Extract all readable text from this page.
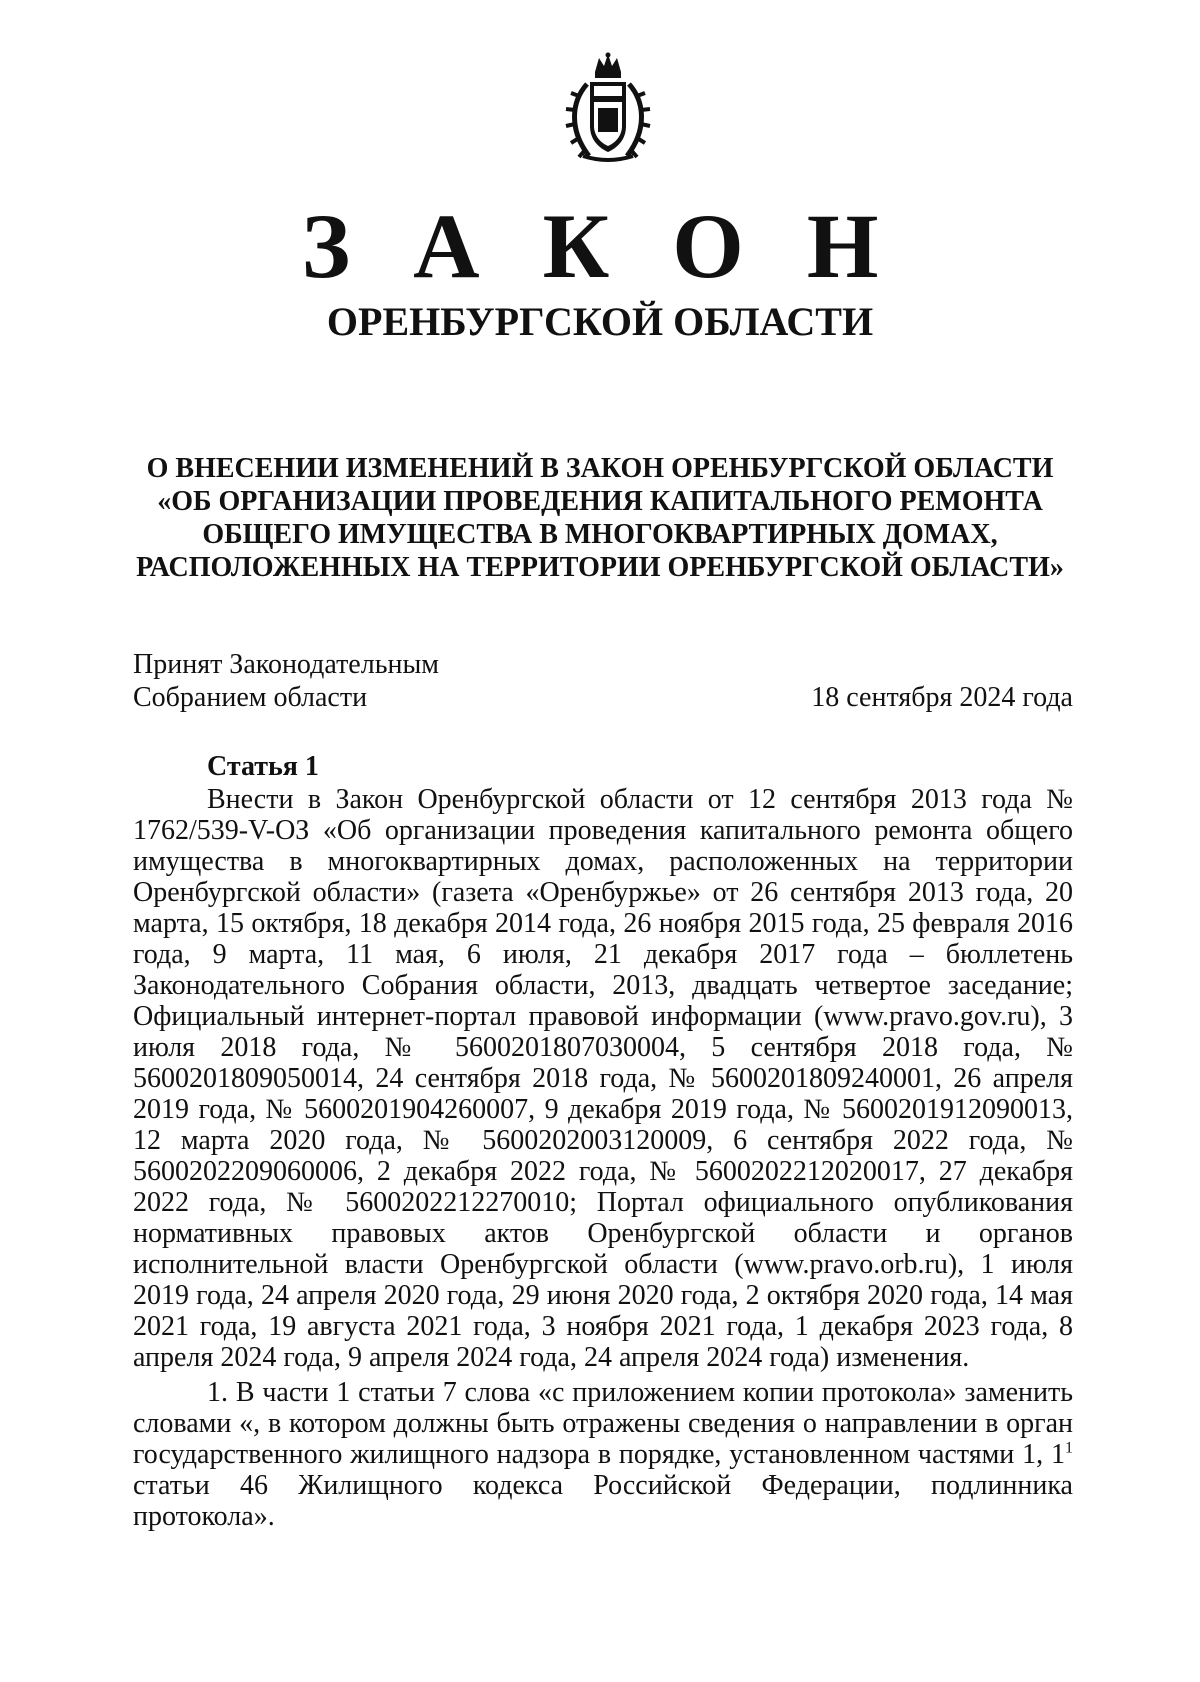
З А К О Н
ОРЕНБУРГСКОЙ ОБЛАСТИ
О ВНЕСЕНИИ ИЗМЕНЕНИЙ В ЗАКОН ОРЕНБУРГСКОЙ ОБЛАСТИ
«ОБ ОРГАНИЗАЦИИ ПРОВЕДЕНИЯ КАПИТАЛЬНОГО РЕМОНТА
ОБЩЕГО ИМУЩЕСТВА В МНОГОКВАРТИРНЫХ ДОМАХ,
РАСПОЛОЖЕННЫХ НА ТЕРРИТОРИИ ОРЕНБУРГСКОЙ ОБЛАСТИ»
Принят Законодательным
Собранием области	18 сентября 2024 года
Статья 1

Внести в Закон Оренбургской области от 12 сентября 2013 года № 1762/539-V-ОЗ «Об организации проведения капитального ремонта общего имущества в многоквартирных домах, расположенных на территории Оренбургской области» (газета «Оренбуржье» от 26 сентября 2013 года, 20 марта, 15 октября, 18 декабря 2014 года, 26 ноября 2015 года, 25 февраля 2016 года, 9 марта, 11 мая, 6 июля, 21 декабря 2017 года – бюллетень Законодательного Собрания области, 2013, двадцать четвертое заседание; Официальный интернет-портал правовой информации (www.pravo.gov.ru), 3 июля 2018 года, № 5600201807030004, 5 сентября 2018 года, № 5600201809050014, 24 сентября 2018 года, № 5600201809240001, 26 апреля 2019 года, № 5600201904260007, 9 декабря 2019 года, № 5600201912090013, 12 марта 2020 года, № 5600202003120009, 6 сентября 2022 года, № 5600202209060006, 2 декабря 2022 года, № 5600202212020017, 27 декабря 2022 года, № 5600202212270010; Портал официального опубликования нормативных правовых актов Оренбургской области и органов исполнительной власти Оренбургской области (www.pravo.orb.ru), 1 июля 2019 года, 24 апреля 2020 года, 29 июня 2020 года, 2 октября 2020 года, 14 мая 2021 года, 19 августа 2021 года, 3 ноября 2021 года, 1 декабря 2023 года, 8 апреля 2024 года, 9 апреля 2024 года, 24 апреля 2024 года) изменения.

1. В части 1 статьи 7 слова «с приложением копии протокола» заменить словами «, в котором должны быть отражены сведения о направлении в орган государственного жилищного надзора в порядке, установленном частями 1, $1^1$ статьи 46 Жилищного кодекса Российской Федерации, подлинника протокола».
